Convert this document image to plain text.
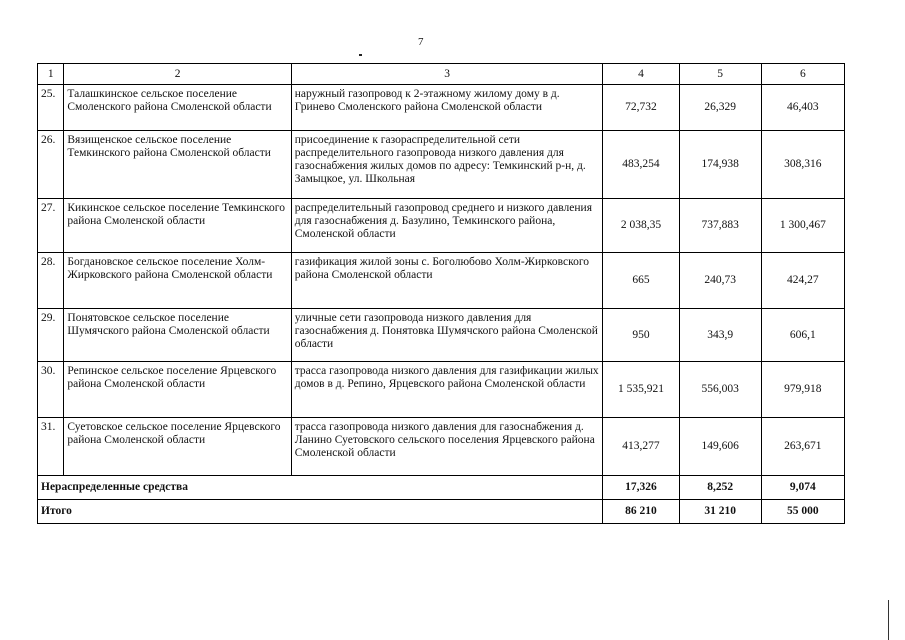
7
1	2	3	4	5	6
25.	Талашкинское сельское поселение Смоленского района Смоленской области	наружный газопровод к 2-этажному жилому дому в д. Гринево Смоленского района Смоленской области	72,732	26,329	46,403
26.	Вязищенское сельское поселение Темкинского района Смоленской области	присоединение к газораспределительной сети распределительного газопровода низкого давления для газоснабжения жилых домов по адресу: Темкинский р-н, д. Замыцкое, ул. Школьная	483,254	174,938	308,316
27.	Кикинское сельское поселение Темкинского района Смоленской области	распределительный газопровод среднего и низкого давления для газоснабжения д. Базулино, Темкинского района, Смоленской области	2 038,35	737,883	1 300,467
28.	Богдановское сельское поселение Холм-Жирковского района Смоленской области	газификация жилой зоны с. Боголюбово Холм-Жирковского района Смоленской области	665	240,73	424,27
29.	Понятовское сельское поселение Шумячского района Смоленской области	уличные сети газопровода низкого давления для газоснабжения д. Понятовка Шумячского района Смоленской области	950	343,9	606,1
30.	Репинское сельское поселение Ярцевского района Смоленской области	трасса газопровода низкого давления для газификации жилых домов в д. Репино, Ярцевского района Смоленской области	1 535,921	556,003	979,918
31.	Суетовское сельское поселение Ярцевского района Смоленской области	трасса газопровода низкого давления для газоснабжения д. Ланино Суетовского сельского поселения Ярцевского района Смоленской области	413,277	149,606	263,671
Нераспределенные средства			17,326	8,252	9,074
Итого			86 210	31 210	55 000
